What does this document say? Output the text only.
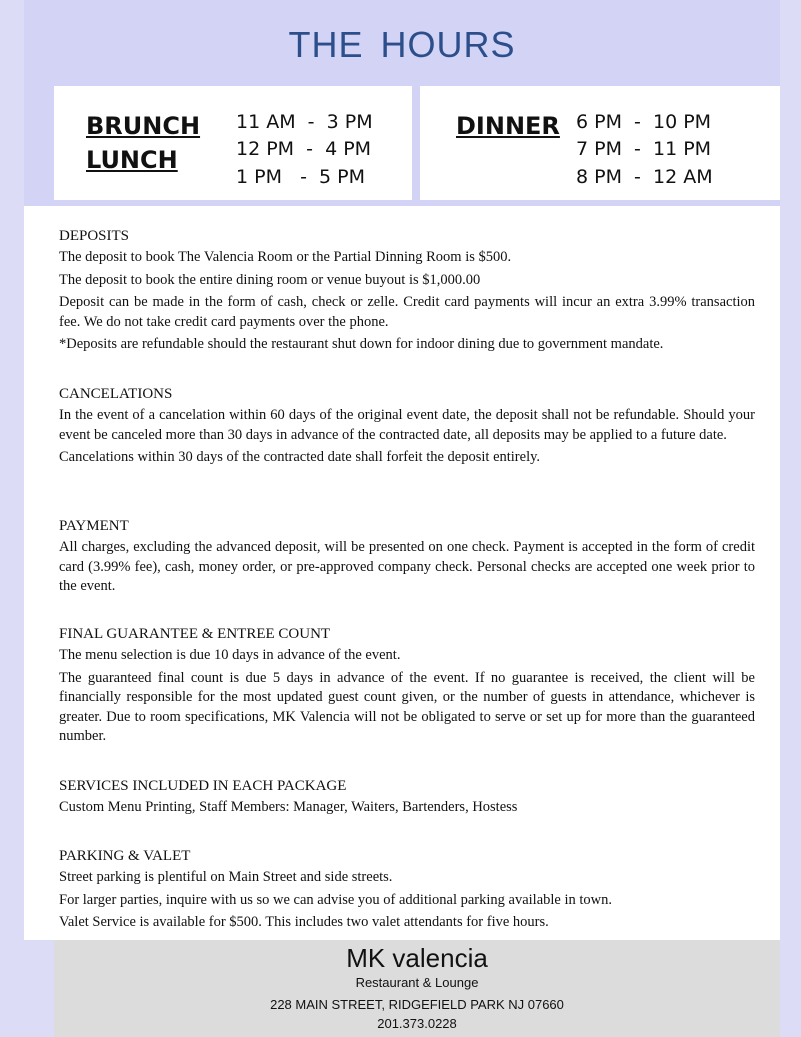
THE HOURS
BRUNCH
LUNCH
11 AM  -  3 PM
12 PM  -  4 PM
1 PM   -  5 PM
DINNER 6 PM  -  10 PM
7 PM  -  11 PM
8 PM  -  12 AM
DEPOSITS

The deposit to book The Valencia Room or the Partial Dinning Room is $500.

The deposit to book the entire dining room or venue buyout is $1,000.00

Deposit can be made in the form of cash, check or zelle. Credit card payments will incur an extra 3.99% transaction fee. We do not take credit card payments over the phone.

*Deposits are refundable should the restaurant shut down for indoor dining due to government mandate.

CANCELATIONS

In the event of a cancelation within 60 days of the original event date, the deposit shall not be refundable. Should your event be canceled more than 30 days in advance of the contracted date, all deposits may be applied to a future date.

Cancelations within 30 days of the contracted date shall forfeit the deposit entirely.

PAYMENT

All charges, excluding the advanced deposit, will be presented on one check. Payment is accepted in the form of credit card (3.99% fee), cash, money order, or pre-approved company check. Personal checks are accepted one week prior to the event.

FINAL GUARANTEE & ENTREE COUNT

The menu selection is due 10 days in advance of the event.

The guaranteed final count is due 5 days in advance of the event. If no guarantee is received, the client will be financially responsible for the most updated guest count given, or the number of guests in attendance, whichever is greater. Due to room specifications, MK Valencia will not be obligated to serve or set up for more than the guaranteed number.

SERVICES INCLUDED IN EACH PACKAGE

Custom Menu Printing, Staff Members: Manager, Waiters, Bartenders, Hostess

PARKING & VALET

Street parking is plentiful on Main Street and side streets.

For larger parties, inquire with us so we can advise you of additional parking available in town.

Valet Service is available for $500. This includes two valet attendants for five hours.

MK valencia
Restaurant & Lounge
228 MAIN STREET, RIDGEFIELD PARK NJ 07660
201.373.0228
